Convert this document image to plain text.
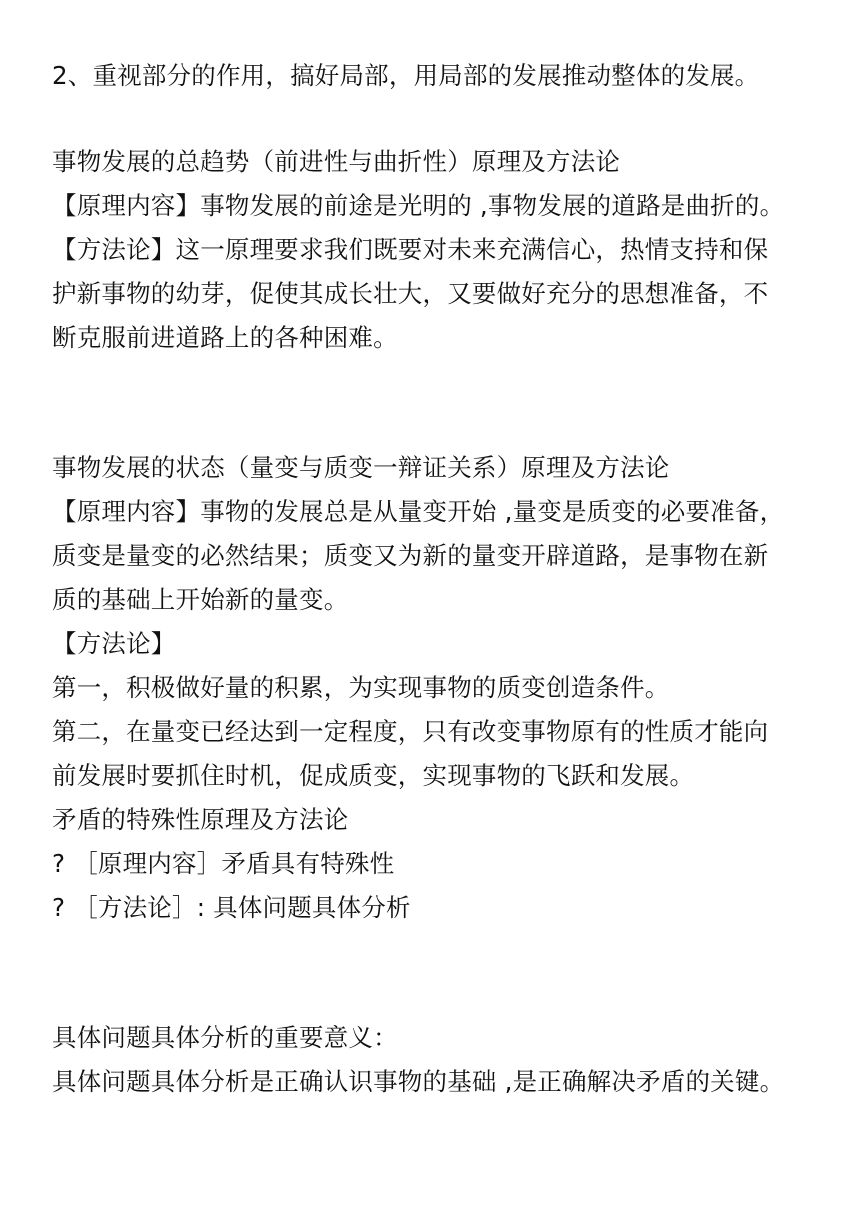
2、重视部分的作用，搞好局部，用局部的发展推动整体的发展。
事物发展的总趋势（前进性与曲折性）原理及方法论
【原理内容】事物发展的前途是光明的 ,事物发展的道路是曲折的。
【方法论】这一原理要求我们既要对未来充满信心，热情支持和保
护新事物的幼芽，促使其成长壮大，又要做好充分的思想准备，不
断克服前进道路上的各种困难。
事物发展的状态（量变与质变一辩证关系）原理及方法论
【原理内容】事物的发展总是从量变开始 ,量变是质变的必要准备，
质变是量变的必然结果；质变又为新的量变开辟道路，是事物在新
质的基础上开始新的量变。
【方法论】
第一，积极做好量的积累，为实现事物的质变创造条件。
第二，在量变已经达到一定程度，只有改变事物原有的性质才能向
前发展时要抓住时机，促成质变，实现事物的飞跃和发展。
矛盾的特殊性原理及方法论
? ［原理内容］矛盾具有特殊性
? ［方法论］: 具体问题具体分析
具体问题具体分析的重要意义：
具体问题具体分析是正确认识事物的基础 ,是正确解决矛盾的关键。
